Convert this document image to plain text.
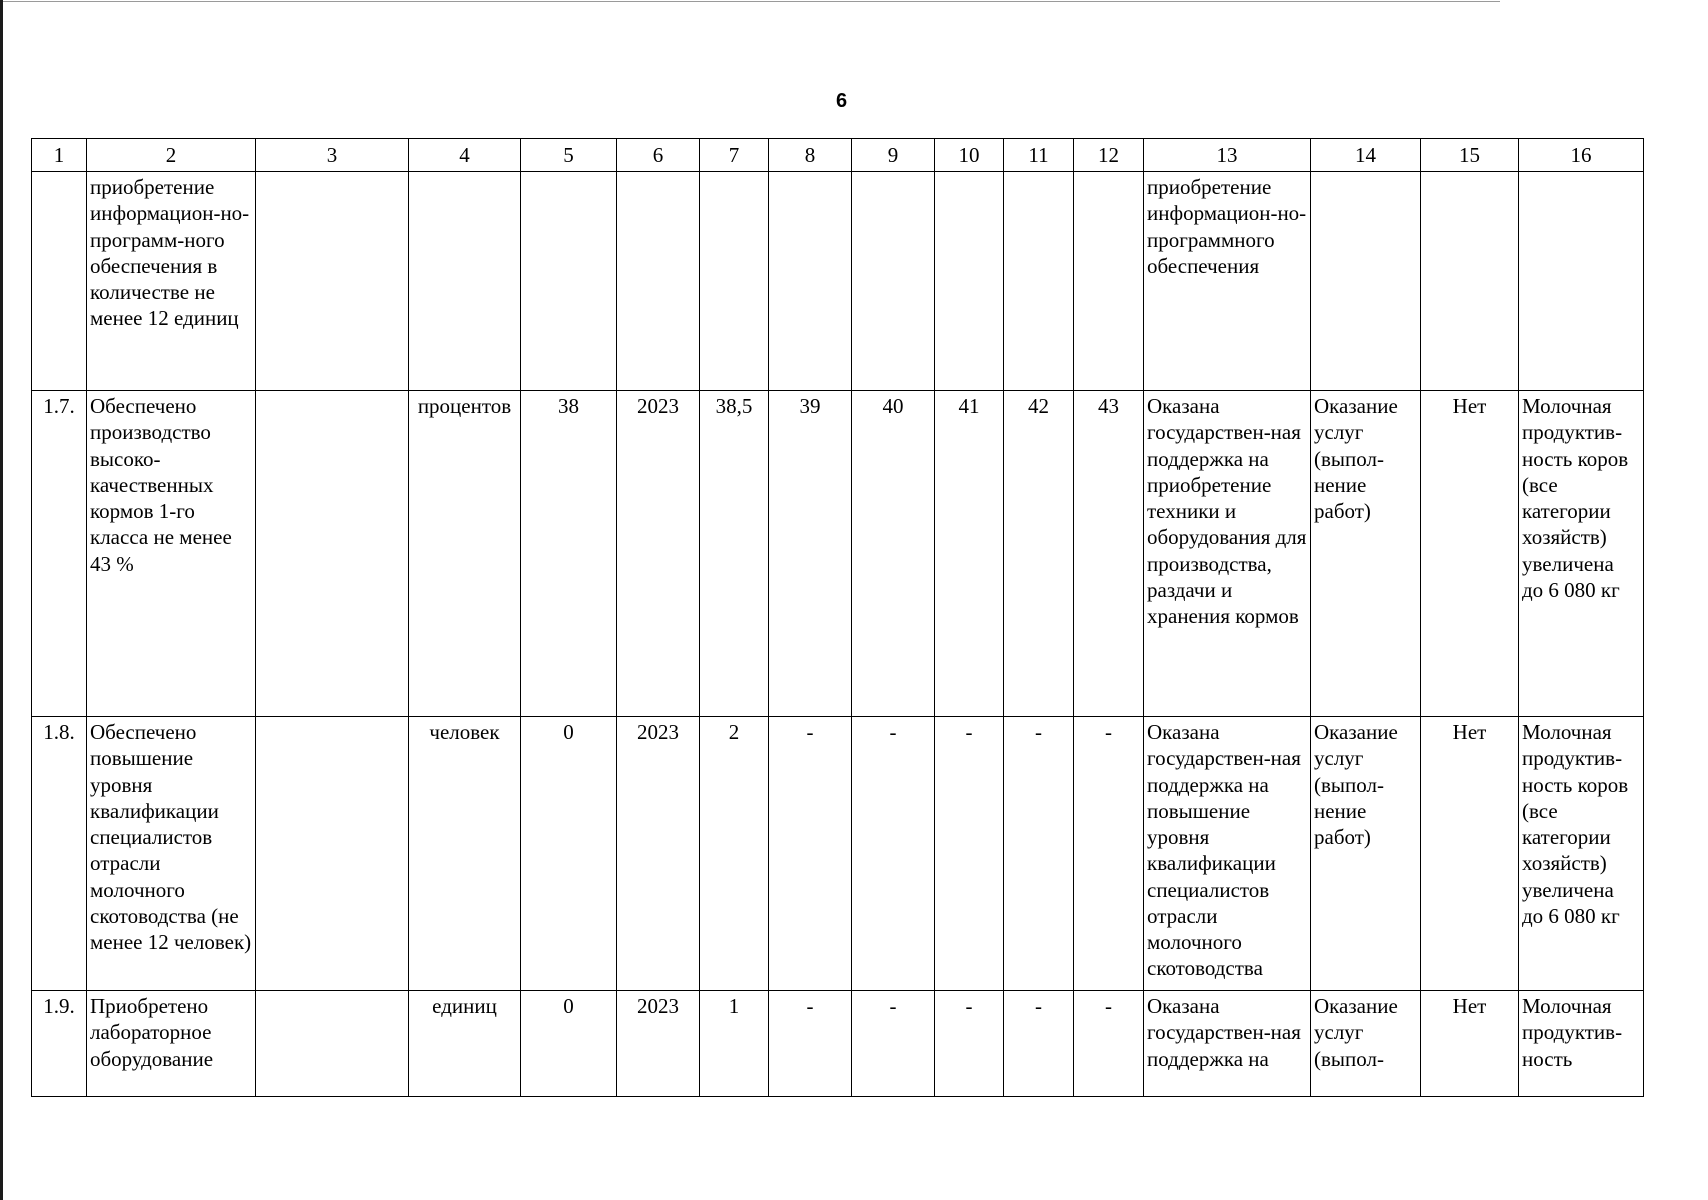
6
1	2	3	4	5	6	7	8	9	10	11	12	13	14	15	16
	приобретение информацион-но-программ-ного обеспечения в количестве не менее 12 единиц											приобретение информацион-но-программного обеспечения			
1.7.	Обеспечено производство высоко-качественных кормов 1-го класса не менее 43 %		процентов	38	2023	38,5	39	40	41	42	43	Оказана государствен-ная поддержка на приобретение техники и оборудования для производства, раздачи и хранения кормов	Оказание услуг (выпол-нение работ)	Нет	Молочная продуктив-ность коров (все категории хозяйств) увеличена до 6 080 кг
1.8.	Обеспечено повышение уровня квалификации специалистов отрасли молочного скотоводства (не менее 12 человек)		человек	0	2023	2	-	-	-	-	-	Оказана государствен-ная поддержка на повышение уровня квалификации специалистов отрасли молочного скотоводства	Оказание услуг (выпол-нение работ)	Нет	Молочная продуктив-ность коров (все категории хозяйств) увеличена до 6 080 кг
1.9.	Приобретено лабораторное оборудование		единиц	0	2023	1	-	-	-	-	-	Оказана государствен-ная поддержка на	Оказание услуг (выпол-	Нет	Молочная продуктив-ность
